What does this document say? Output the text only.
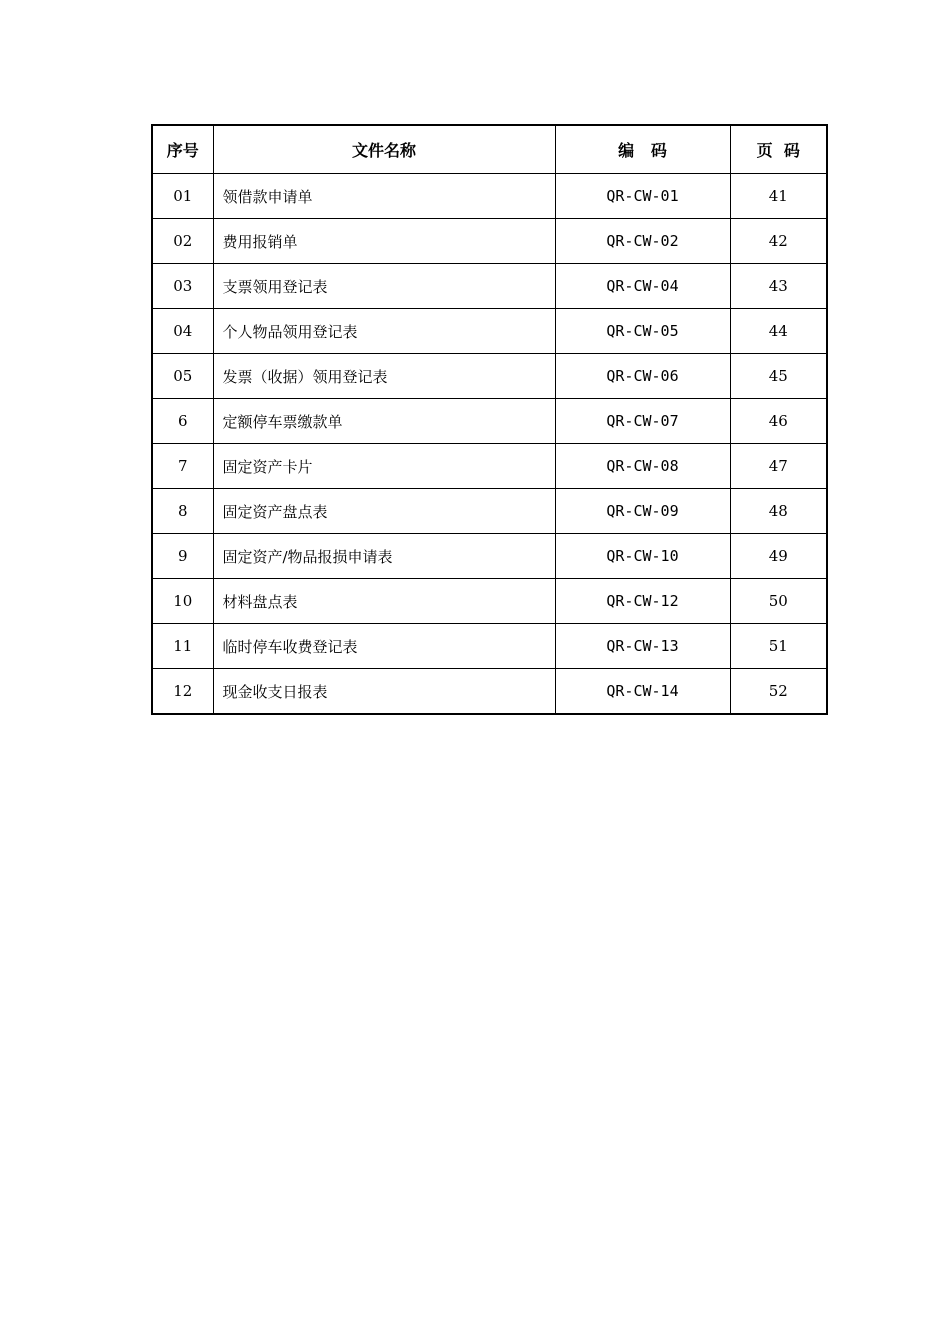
序号	文件名称	编   码	页  码
01	领借款申请单	QR-CW-01	41
02	费用报销单	QR-CW-02	42
03	支票领用登记表	QR-CW-04	43
04	个人物品领用登记表	QR-CW-05	44
05	发票（收据）领用登记表	QR-CW-06	45
6	定额停车票缴款单	QR-CW-07	46
7	固定资产卡片	QR-CW-08	47
8	固定资产盘点表	QR-CW-09	48
9	固定资产/物品报损申请表	QR-CW-10	49
10	材料盘点表	QR-CW-12	50
11	临时停车收费登记表	QR-CW-13	51
12	现金收支日报表	QR-CW-14	52
